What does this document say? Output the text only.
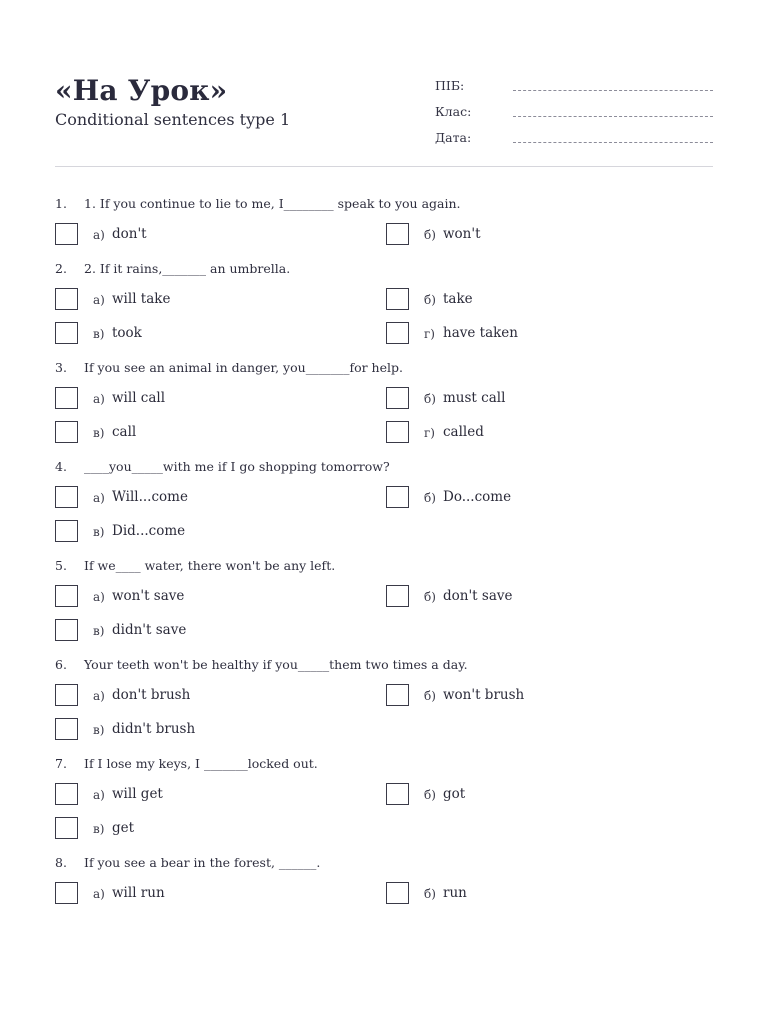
«На Урок»
Conditional sentences type 1
ПІБ:
Клас:
Дата:
1. 1. If you continue to lie to me, I________ speak to you again.
а) don't	б) won't
2. 2. If it rains,_______ an umbrella.
а) will take	б) take
в) took	г) have taken
3. If you see an animal in danger, you_______for help.
а) will call	б) must call
в) call	г) called
4. ____you_____with me if I go shopping tomorrow?
а) Will...come	б) Do...come
в) Did...come
5. If we____ water, there won't be any left.
а) won't save	б) don't save
в) didn't save
6. Your teeth won't be healthy if you_____them two times a day.
а) don't brush	б) won't brush
в) didn't brush
7. If I lose my keys, I _______locked out.
а) will get	б) got
в) get
8. If you see a bear in the forest, ______.
а) will run	б) run
